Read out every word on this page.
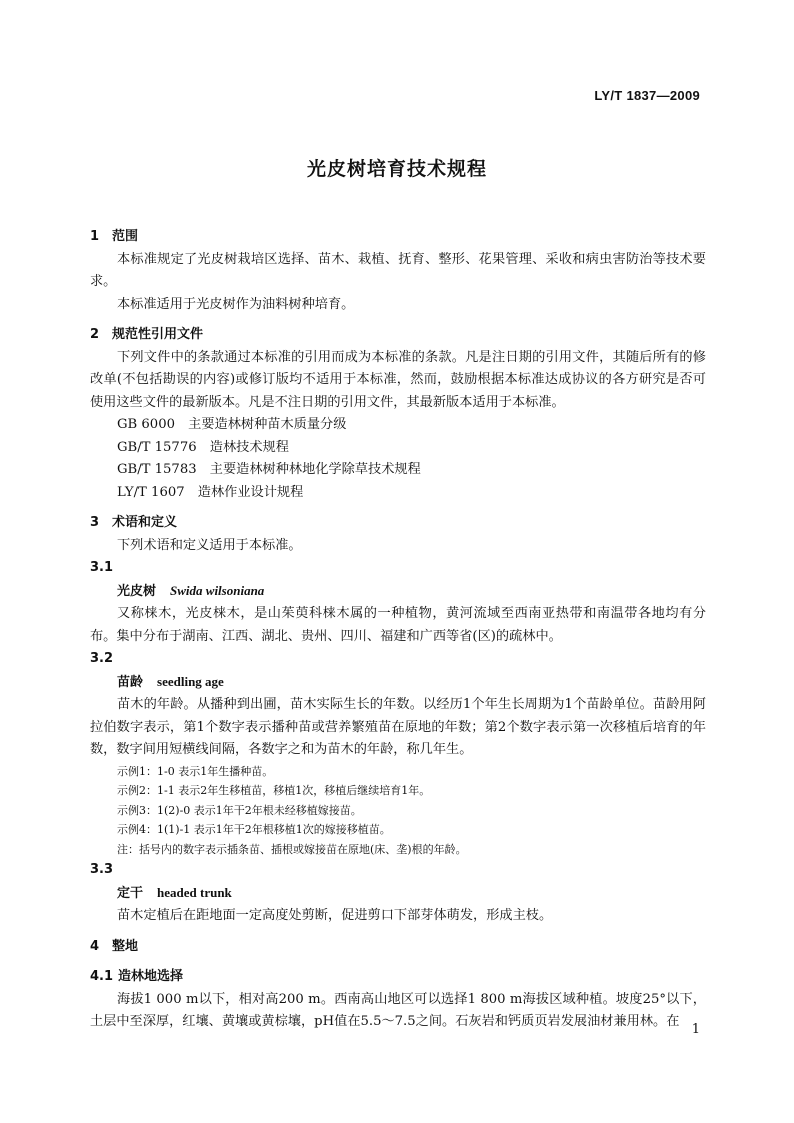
LY/T 1837—2009
光皮树培育技术规程
1 范围
本标准规定了光皮树栽培区选择、苗木、栽植、抚育、整形、花果管理、采收和病虫害防治等技术要求。
本标准适用于光皮树作为油料树种培育。
2 规范性引用文件
下列文件中的条款通过本标准的引用而成为本标准的条款。凡是注日期的引用文件，其随后所有的修改单(不包括勘误的内容)或修订版均不适用于本标准，然而，鼓励根据本标准达成协议的各方研究是否可使用这些文件的最新版本。凡是不注日期的引用文件，其最新版本适用于本标准。
GB 6000　主要造林树种苗木质量分级
GB/T 15776　造林技术规程
GB/T 15783　主要造林树种林地化学除草技术规程
LY/T 1607　造林作业设计规程
3 术语和定义
下列术语和定义适用于本标准。
3.1
光皮树 Swida wilsoniana
又称梾木，光皮梾木，是山茱萸科梾木属的一种植物，黄河流域至西南亚热带和南温带各地均有分布。集中分布于湖南、江西、湖北、贵州、四川、福建和广西等省(区)的疏林中。
3.2
苗龄 seedling age
苗木的年龄。从播种到出圃，苗木实际生长的年数。以经历1个年生长周期为1个苗龄单位。苗龄用阿拉伯数字表示，第1个数字表示播种苗或营养繁殖苗在原地的年数；第2个数字表示第一次移植后培育的年数，数字间用短横线间隔，各数字之和为苗木的年龄，称几年生。
示例1：1-0 表示1年生播种苗。
示例2：1-1 表示2年生移植苗，移植1次，移植后继续培育1年。
示例3：1(2)-0 表示1年干2年根未经移植嫁接苗。
示例4：1(1)-1 表示1年干2年根移植1次的嫁接移植苗。
注：括号内的数字表示插条苗、插根或嫁接苗在原地(床、垄)根的年龄。
3.3
定干 headed trunk
苗木定植后在距地面一定高度处剪断，促进剪口下部芽体萌发，形成主枝。
4 整地
4.1 造林地选择
海拔1 000 m以下，相对高200 m。西南高山地区可以选择1 800 m海拔区域种植。坡度25°以下，土层中至深厚，红壤、黄壤或黄棕壤，pH值在5.5～7.5之间。石灰岩和钙质页岩发展油材兼用林。在
1
